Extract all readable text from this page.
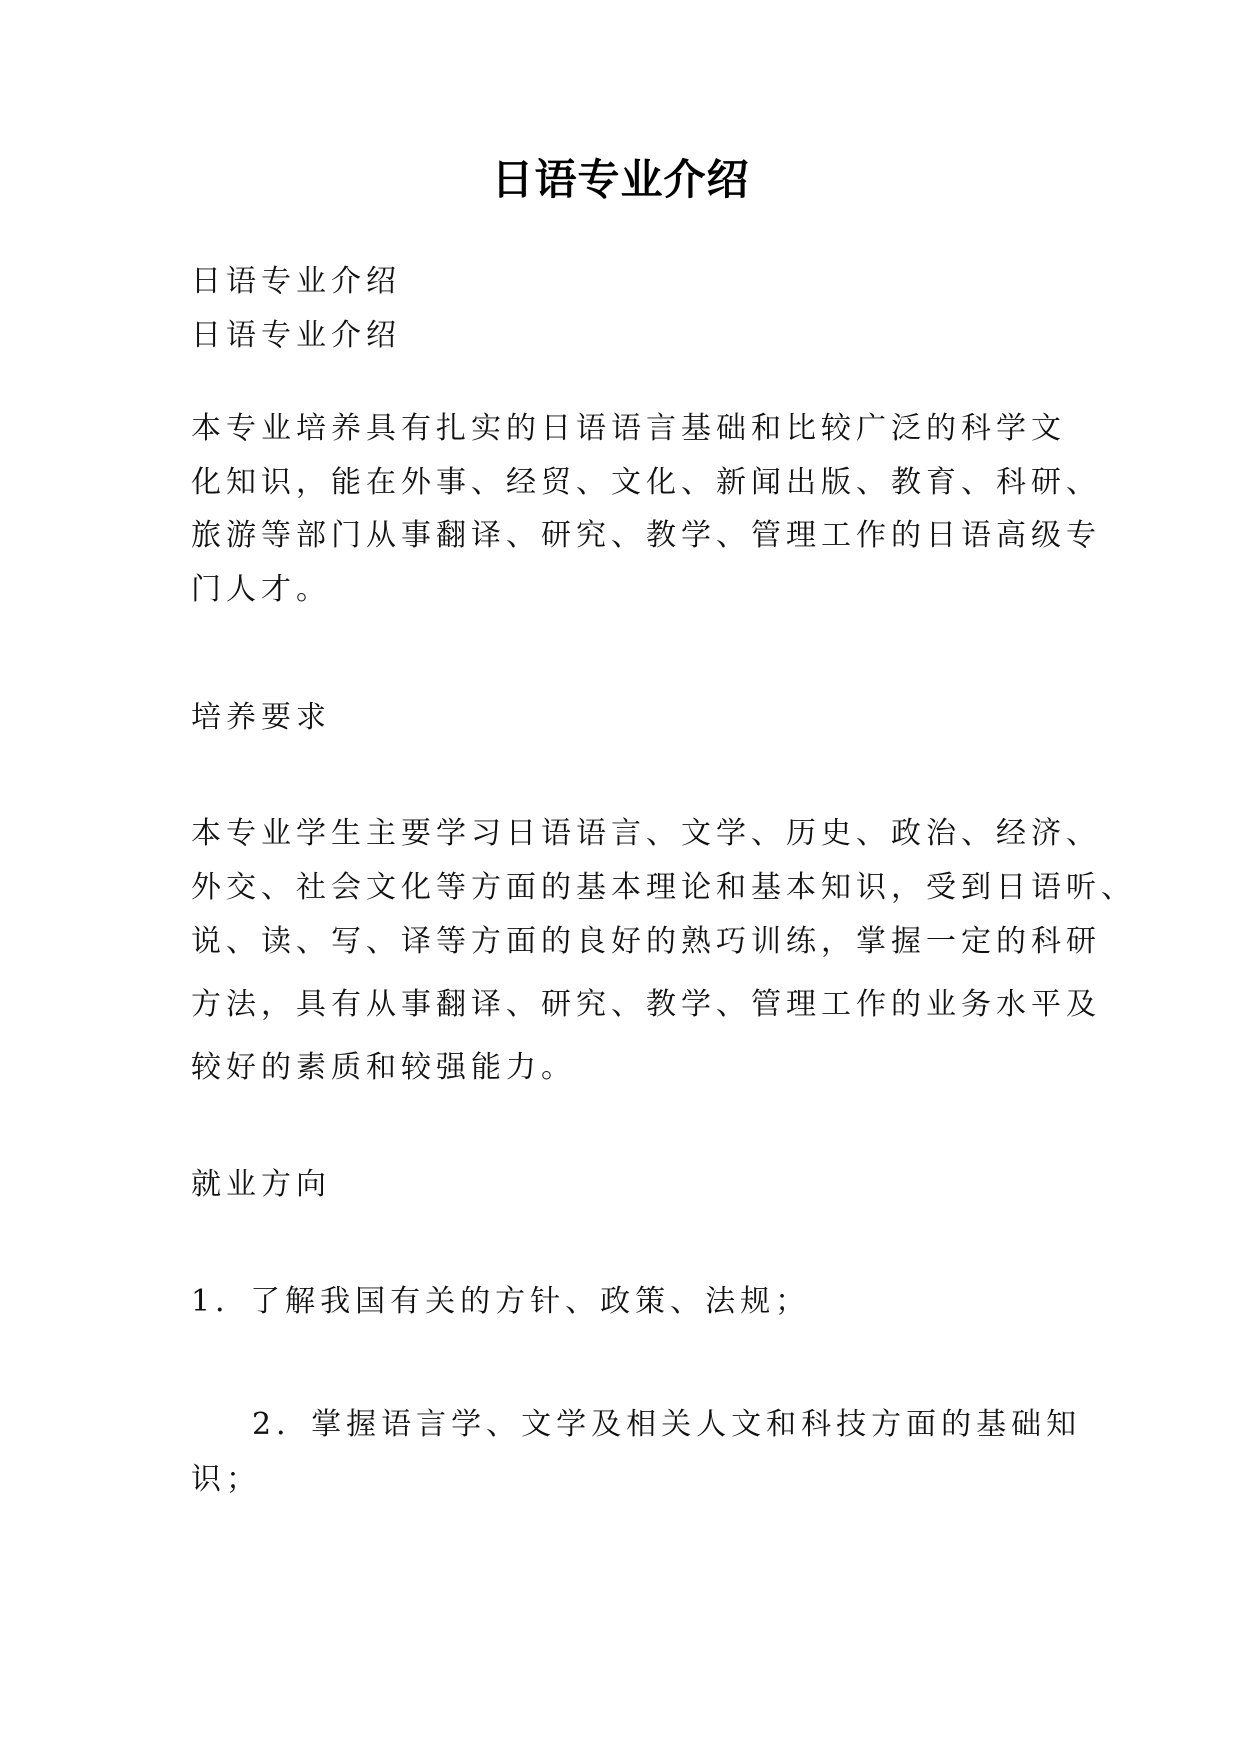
日语专业介绍
日语专业介绍
日语专业介绍
本专业培养具有扎实的日语语言基础和比较广泛的科学文
化知识，能在外事、经贸、文化、新闻出版、教育、科研、
旅游等部门从事翻译、研究、教学、管理工作的日语高级专
门人才。
培养要求
本专业学生主要学习日语语言、文学、历史、政治、经济、
外交、社会文化等方面的基本理论和基本知识，受到日语听、
说、读、写、译等方面的良好的熟巧训练，掌握一定的科研
方法，具有从事翻译、研究、教学、管理工作的业务水平及
较好的素质和较强能力。
就业方向
1．了解我国有关的方针、政策、法规；
2．掌握语言学、文学及相关人文和科技方面的基础知
识；
